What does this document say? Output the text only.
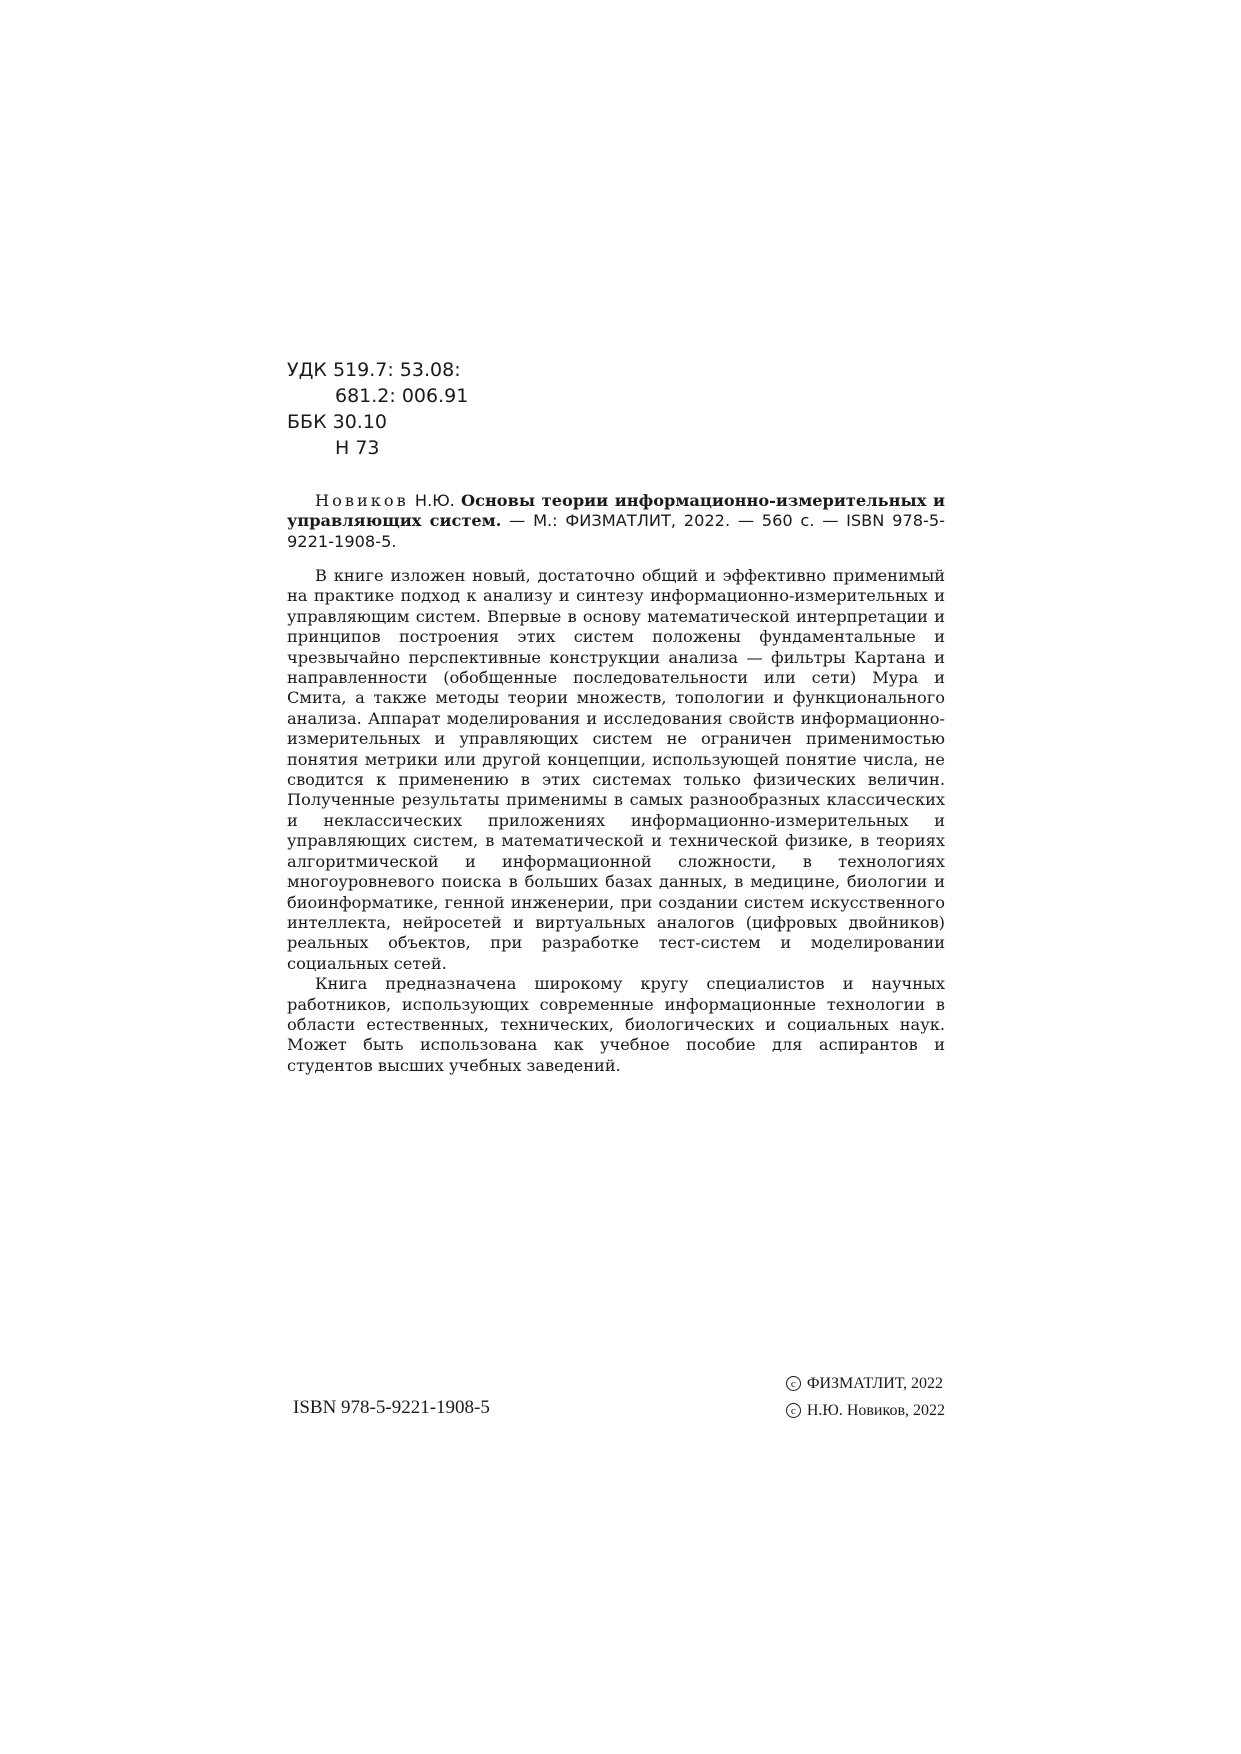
УДК 519.7: 53.08:
681.2: 006.91
ББК 30.10
Н 73
Новиков Н.Ю. Основы теории информационно-измерительных и управляющих систем. — М.: ФИЗМАТЛИТ, 2022. — 560 с. — ISBN 978-5-9221-1908-5.

В книге изложен новый, достаточно общий и эффективно применимый на практике подход к анализу и синтезу информационно-измерительных и управляющим систем. Впервые в основу математической интерпретации и принципов построения этих систем положены фундаментальные и чрезвычайно перспективные конструкции анализа — фильтры Картана и направленности (обобщенные последовательности или сети) Мура и Смита, а также методы теории множеств, топологии и функционального анализа. Аппарат моделирования и исследования свойств информационно-измерительных и управляющих систем не ограничен применимостью понятия метрики или другой концепции, использующей понятие числа, не сводится к применению в этих системах только физических величин. Полученные результаты применимы в самых разнообразных классических и неклассических приложениях информационно-измерительных и управляющих систем, в математической и технической физике, в теориях алгоритмической и информационной сложности, в технологиях многоуровневого поиска в больших базах данных, в медицине, биологии и биоинформатике, генной инженерии, при создании систем искусственного интеллекта, нейросетей и виртуальных аналогов (цифровых двойников) реальных объектов, при разработке тест-систем и моделировании социальных сетей.

Книга предназначена широкому кругу специалистов и научных работников, использующих современные информационные технологии в области естественных, технических, биологических и социальных наук. Может быть использована как учебное пособие для аспирантов и студентов высших учебных заведений.

ISBN 978-5-9221-1908-5
c ФИЗМАТЛИТ, 2022
c Н.Ю. Новиков, 2022
